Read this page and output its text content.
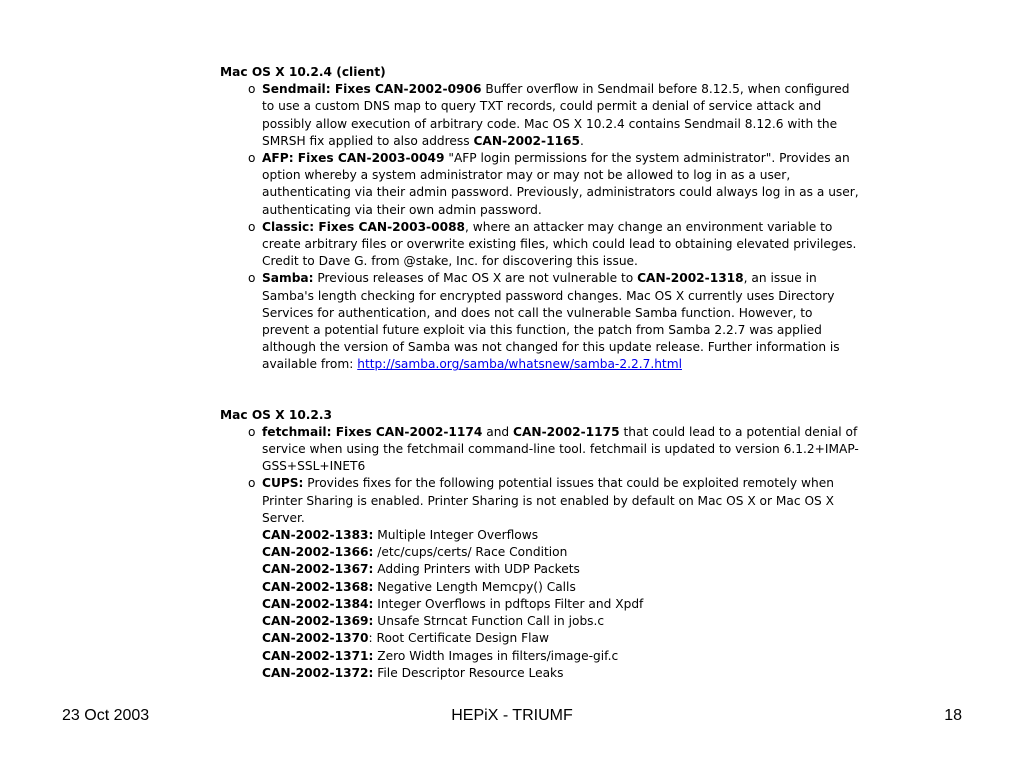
Mac OS X 10.2.4 (client)
o Sendmail: Fixes CAN-2002-0906 Buffer overflow in Sendmail before 8.12.5, when configured to use a custom DNS map to query TXT records, could permit a denial of service attack and possibly allow execution of arbitrary code. Mac OS X 10.2.4 contains Sendmail 8.12.6 with the SMRSH fix applied to also address CAN-2002-1165.
o AFP: Fixes CAN-2003-0049 "AFP login permissions for the system administrator". Provides an option whereby a system administrator may or may not be allowed to log in as a user, authenticating via their admin password. Previously, administrators could always log in as a user, authenticating via their own admin password.
o Classic: Fixes CAN-2003-0088, where an attacker may change an environment variable to create arbitrary files or overwrite existing files, which could lead to obtaining elevated privileges. Credit to Dave G. from @stake, Inc. for discovering this issue.
o Samba: Previous releases of Mac OS X are not vulnerable to CAN-2002-1318, an issue in Samba's length checking for encrypted password changes. Mac OS X currently uses Directory Services for authentication, and does not call the vulnerable Samba function. However, to prevent a potential future exploit via this function, the patch from Samba 2.2.7 was applied although the version of Samba was not changed for this update release. Further information is available from: http://samba.org/samba/whatsnew/samba-2.2.7.html
Mac OS X 10.2.3
o fetchmail: Fixes CAN-2002-1174 and CAN-2002-1175 that could lead to a potential denial of service when using the fetchmail command-line tool. fetchmail is updated to version 6.1.2+IMAP-GSS+SSL+INET6
o CUPS: Provides fixes for the following potential issues that could be exploited remotely when Printer Sharing is enabled. Printer Sharing is not enabled by default on Mac OS X or Mac OS X Server.
CAN-2002-1383: Multiple Integer Overflows
CAN-2002-1366: /etc/cups/certs/ Race Condition
CAN-2002-1367: Adding Printers with UDP Packets
CAN-2002-1368: Negative Length Memcpy() Calls
CAN-2002-1384: Integer Overflows in pdftops Filter and Xpdf
CAN-2002-1369: Unsafe Strncat Function Call in jobs.c
CAN-2002-1370: Root Certificate Design Flaw
CAN-2002-1371: Zero Width Images in filters/image-gif.c
CAN-2002-1372: File Descriptor Resource Leaks
23 Oct 2003	HEPiX - TRIUMF	18
